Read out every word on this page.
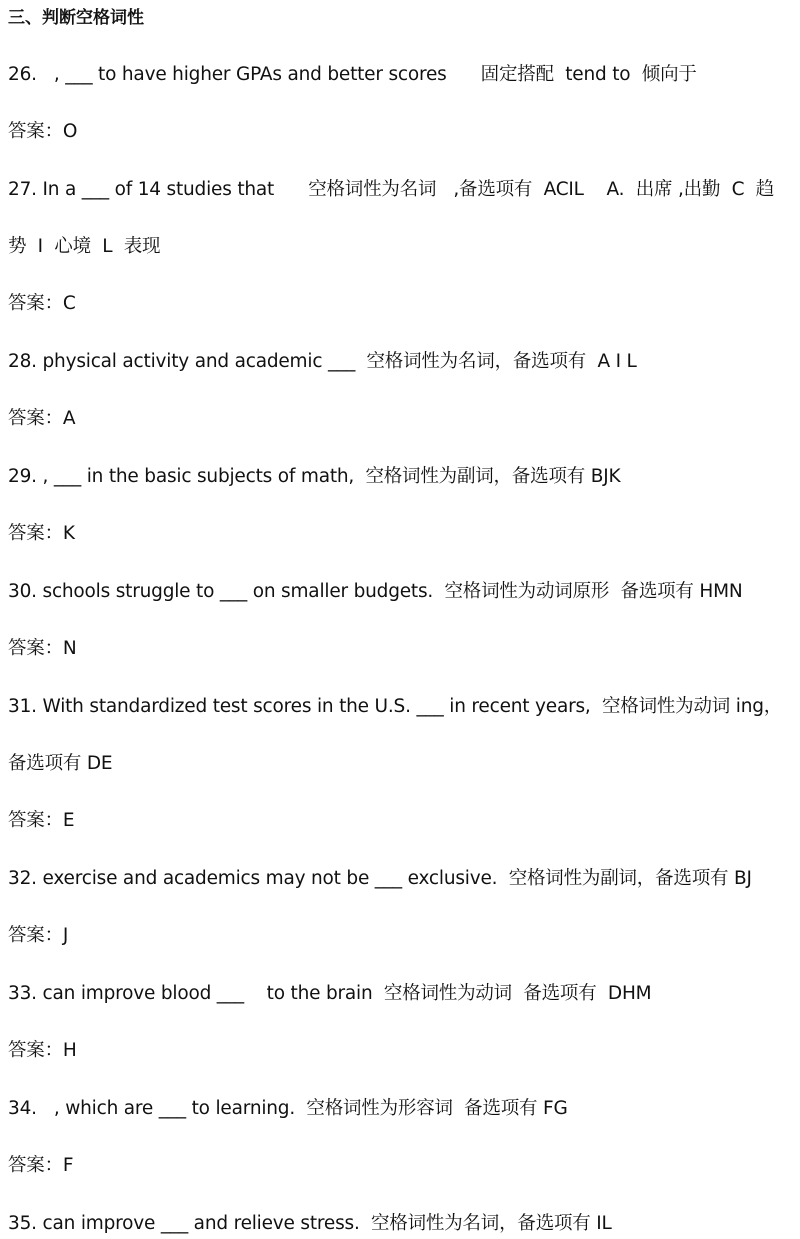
三、判断空格词性
26.   , ___ to have higher GPAs and better scores      固定搭配  tend to  倾向于
答案：O
27. In a ___ of 14 studies that      空格词性为名词   ,备选项有  ACIL    A.  出席 ,出勤  C  趋
势  I  心境  L  表现
答案：C
28. physical activity and academic ___  空格词性为名词，备选项有  A I L
答案：A
29. , ___ in the basic subjects of math,  空格词性为副词，备选项有 BJK
答案：K
30. schools struggle to ___ on smaller budgets.  空格词性为动词原形  备选项有 HMN
答案：N
31. With standardized test scores in the U.S. ___ in recent years,  空格词性为动词 ing，
备选项有 DE
答案：E
32. exercise and academics may not be ___ exclusive.  空格词性为副词，备选项有 BJ
答案：J
33. can improve blood ___    to the brain  空格词性为动词  备选项有  DHM
答案：H
34.   , which are ___ to learning.  空格词性为形容词  备选项有 FG
答案：F
35. can improve ___ and relieve stress.  空格词性为名词，备选项有 IL
